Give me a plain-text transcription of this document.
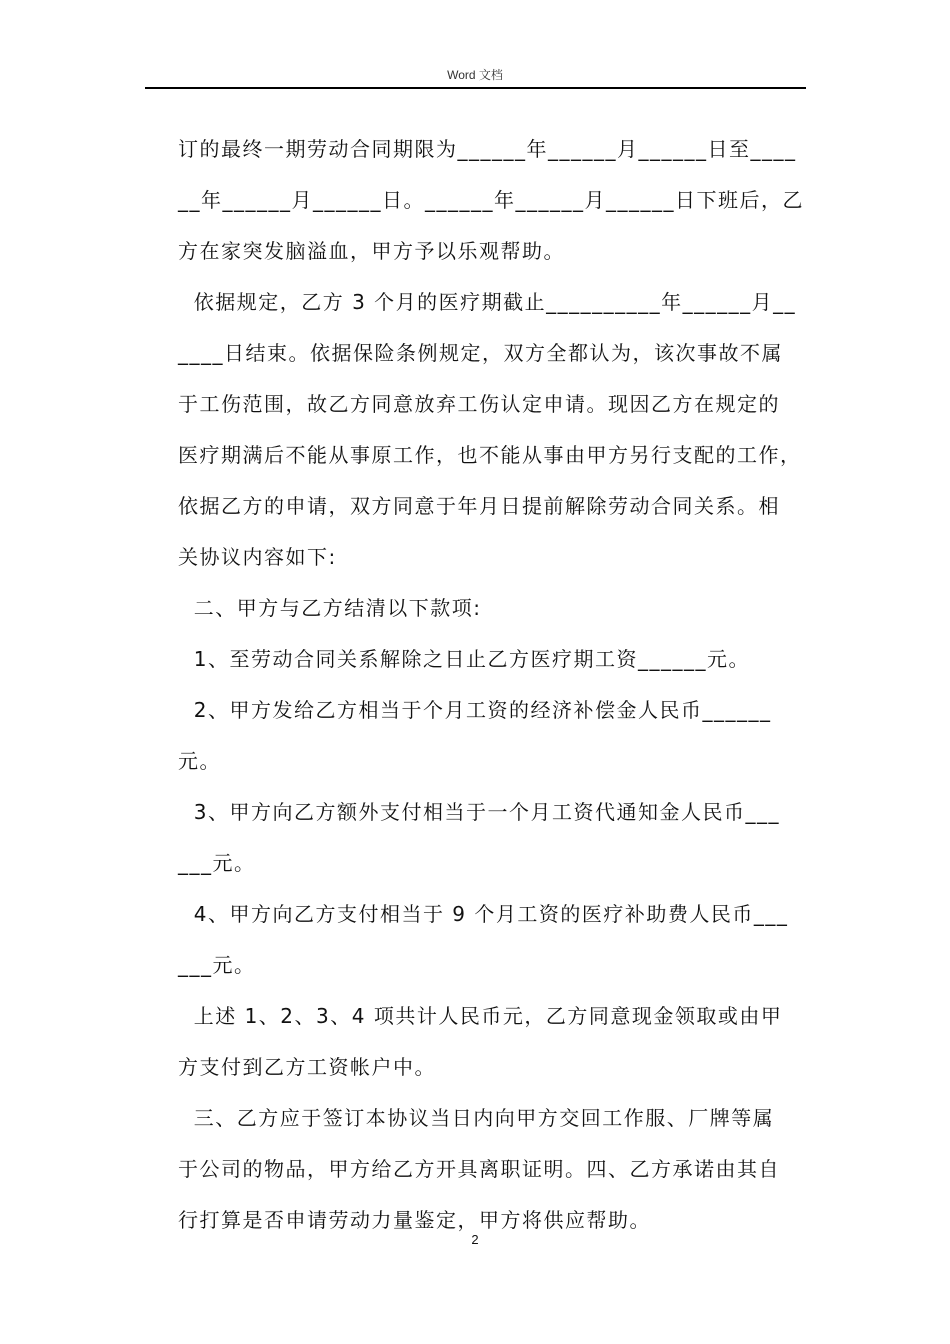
Word 文档
订的最终一期劳动合同期限为______年______月______日至____
__年______月______日。______年______月______日下班后，乙
方在家突发脑溢血，甲方予以乐观帮助。
依据规定，乙方 3 个月的医疗期截止__________年______月__
____日结束。依据保险条例规定，双方全都认为，该次事故不属
于工伤范围，故乙方同意放弃工伤认定申请。现因乙方在规定的
医疗期满后不能从事原工作，也不能从事由甲方另行支配的工作，
依据乙方的申请，双方同意于年月日提前解除劳动合同关系。相
关协议内容如下:
二、甲方与乙方结清以下款项:
1、至劳动合同关系解除之日止乙方医疗期工资______元。
2、甲方发给乙方相当于个月工资的经济补偿金人民币______
元。
3、甲方向乙方额外支付相当于一个月工资代通知金人民币___
___元。
4、甲方向乙方支付相当于 9 个月工资的医疗补助费人民币___
___元。
上述 1、2、3、4 项共计人民币元，乙方同意现金领取或由甲
方支付到乙方工资帐户中。
三、乙方应于签订本协议当日内向甲方交回工作服、厂牌等属
于公司的物品，甲方给乙方开具离职证明。四、乙方承诺由其自
行打算是否申请劳动力量鉴定，甲方将供应帮助。
2
